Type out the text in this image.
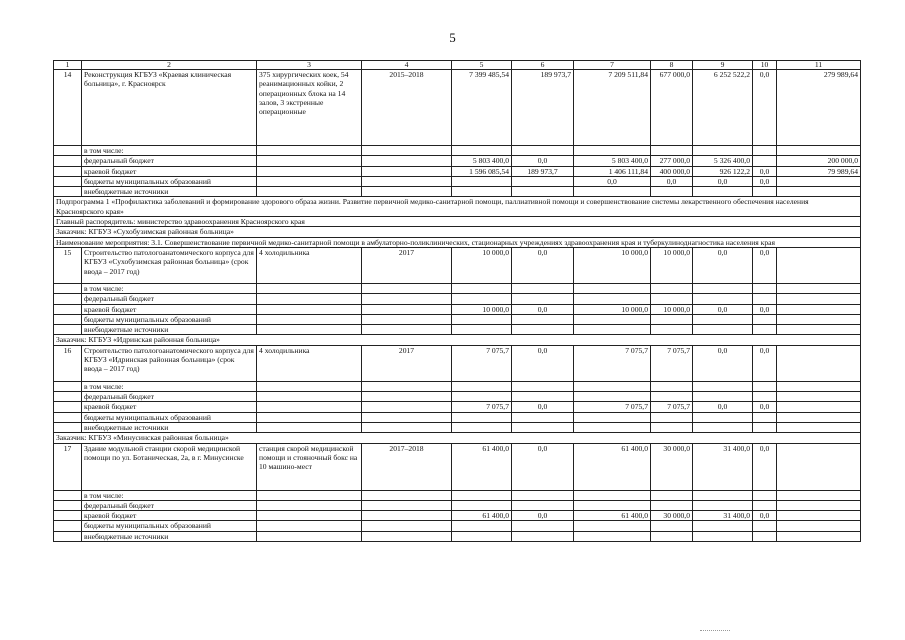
5
1	2	3	4	5	6	7	8	9	10	11
14	Реконструкция КГБУЗ «Краевая клиническая больница», г. Красноярск	375 хирургических коек, 54 реанимационных койки, 2 операционных блока на 14 залов, 3 экстренные операционные	2015–2018	7 399 485,54	189 973,7	7 209 511,84	677 000,0	6 252 522,2	0,0	279 989,64
	в том числе:									
	федеральный бюджет			5 803 400,0	0,0	5 803 400,0	277 000,0	5 326 400,0		200 000,0
	краевой бюджет			1 596 085,54	189 973,7	1 406 111,84	400 000,0	926 122,2	0,0	79 989,64
	бюджеты муниципальных образований					0,0	0,0	0,0	0,0	
	внебюджетные источники									
Подпрограмма 1 «Профилактика заболеваний и формирование здорового образа жизни. Развитие первичной медико-санитарной помощи, паллиативной помощи и совершенствование системы лекарственного обеспечения населения Красноярского края»										
Главный распорядитель: министерство здравоохранения Красноярского края										
Заказчик: КГБУЗ «Сухобузимская районная больница»										
Наименование мероприятия: 3.1. Совершенствование первичной медико-санитарной помощи в амбулаторно-поликлинических, стационарных учреждениях здравоохранения края и туберкулиноднагностика населения края										
15	Строительство патологоанатомического корпуса для КГБУЗ «Сухобузимская районная больница» (срок ввода – 2017 год)	4 холодильника	2017	10 000,0	0,0	10 000,0	10 000,0	0,0	0,0	
	в том числе:									
	федеральный бюджет									
	краевой бюджет			10 000,0	0,0	10 000,0	10 000,0	0,0	0,0	
	бюджеты муниципальных образований									
	внебюджетные источники									
Заказчик: КГБУЗ «Идринская районная больница»										
16	Строительство патологоанатомического корпуса для КГБУЗ «Идринская районная больница» (срок ввода – 2017 год)	4 холодильника	2017	7 075,7	0,0	7 075,7	7 075,7	0,0	0,0	
	в том числе:									
	федеральный бюджет									
	краевой бюджет			7 075,7	0,0	7 075,7	7 075,7	0,0	0,0	
	бюджеты муниципальных образований									
	внебюджетные источники									
Заказчик: КГБУЗ «Минусинская районная больница»										
17	Здание модульной станции скорой медицинской помощи по ул. Ботаническая, 2а, в г. Минусинске	станция скорой медицинской помощи и стояночный бокс на 10 машино-мест	2017–2018	61 400,0	0,0	61 400,0	30 000,0	31 400,0	0,0	
	в том числе:									
	федеральный бюджет									
	краевой бюджет			61 400,0	0,0	61 400,0	30 000,0	31 400,0	0,0	
	бюджеты муниципальных образований									
	внебюджетные источники									
